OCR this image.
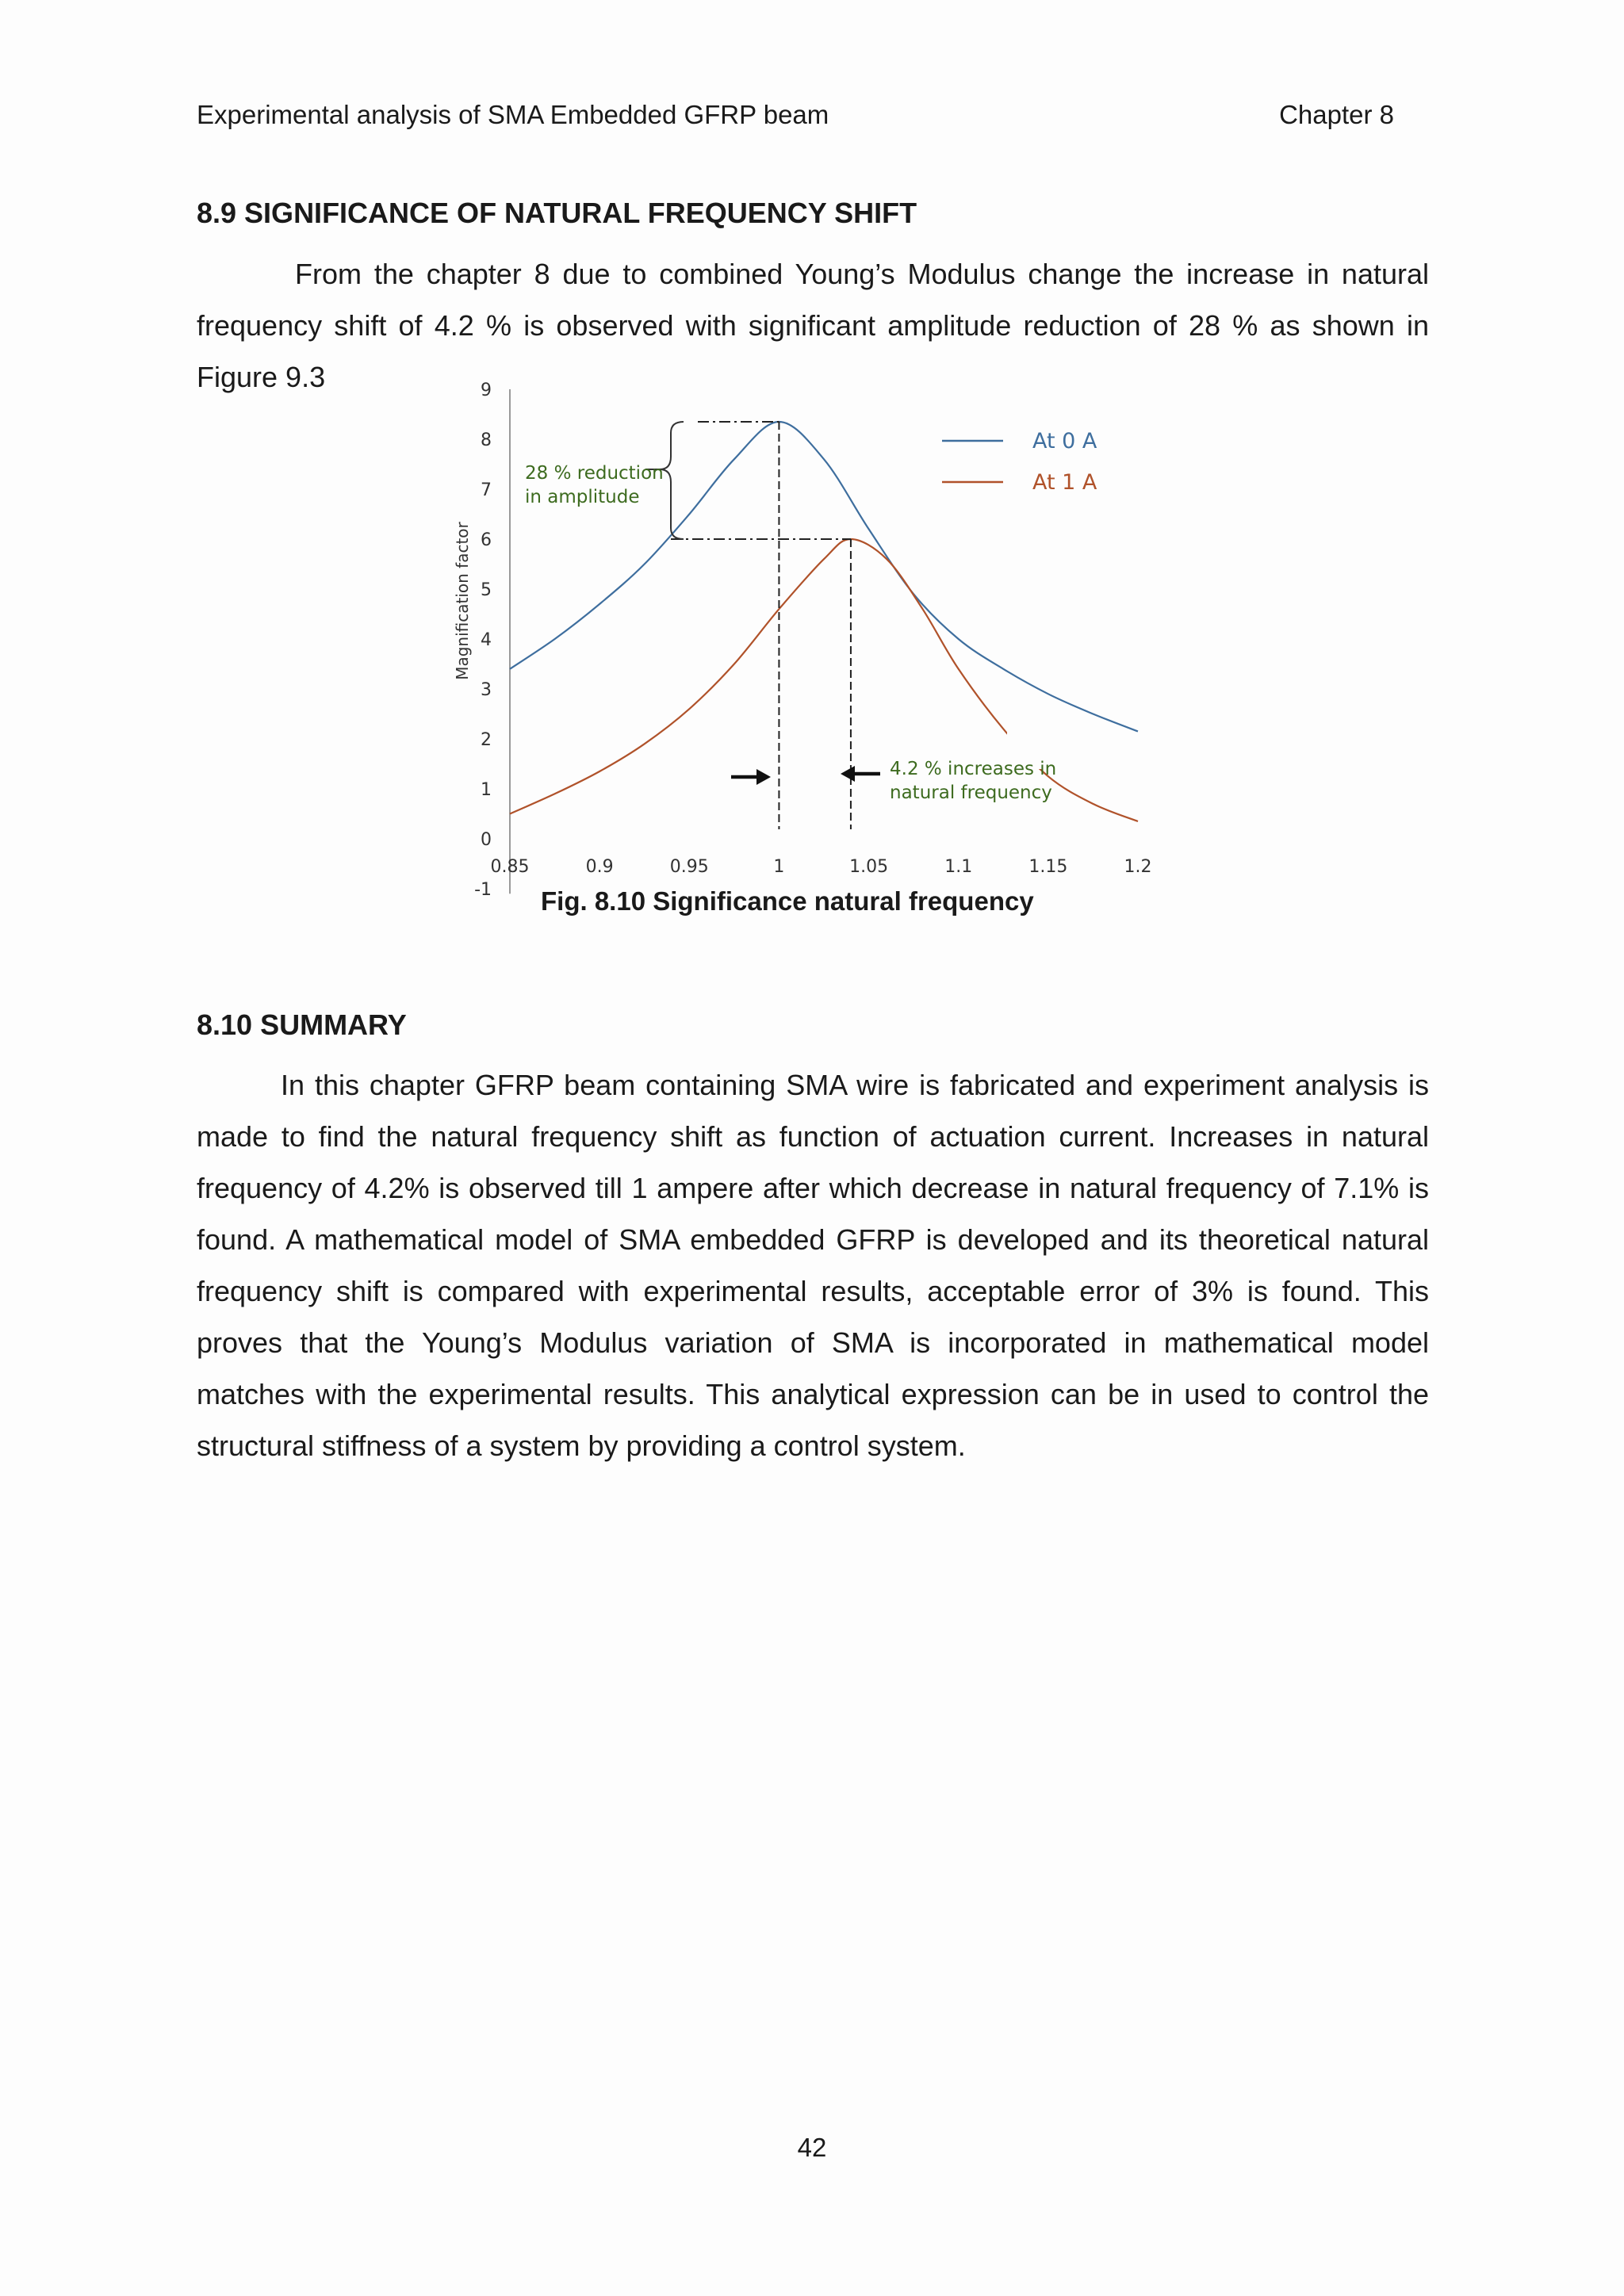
Experimental analysis of SMA Embedded GFRP beam	Chapter 8
8.9 SIGNIFICANCE OF NATURAL FREQUENCY SHIFT
From the chapter 8 due to combined Young’s Modulus change the increase in natural frequency shift of 4.2 % is observed with significant amplitude reduction of 28 % as shown in Figure 9.3
-1
0
1
2
3
4
5
6
7
8
9
0.85	0.9	0.95	1	1.05	1.1	1.15	1.2
Magnification factor
At 0 A
At 1 A
28 % reduction
in amplitude
4.2 % increases in
natural frequency
Fig. 8.10 Significance natural frequency
8.10 SUMMARY
In this chapter GFRP beam containing SMA wire is fabricated and experiment analysis is made to find the natural frequency shift as function of actuation current. Increases in natural frequency of 4.2% is observed till 1 ampere after which decrease in natural frequency of 7.1% is found. A mathematical model of SMA embedded GFRP is developed and its theoretical natural frequency shift is compared with experimental results, acceptable error of 3% is found. This proves that the Young’s Modulus variation of SMA is incorporated in mathematical model matches with the experimental results. This analytical expression can be in used to control the structural stiffness of a system by providing a control system.
42
